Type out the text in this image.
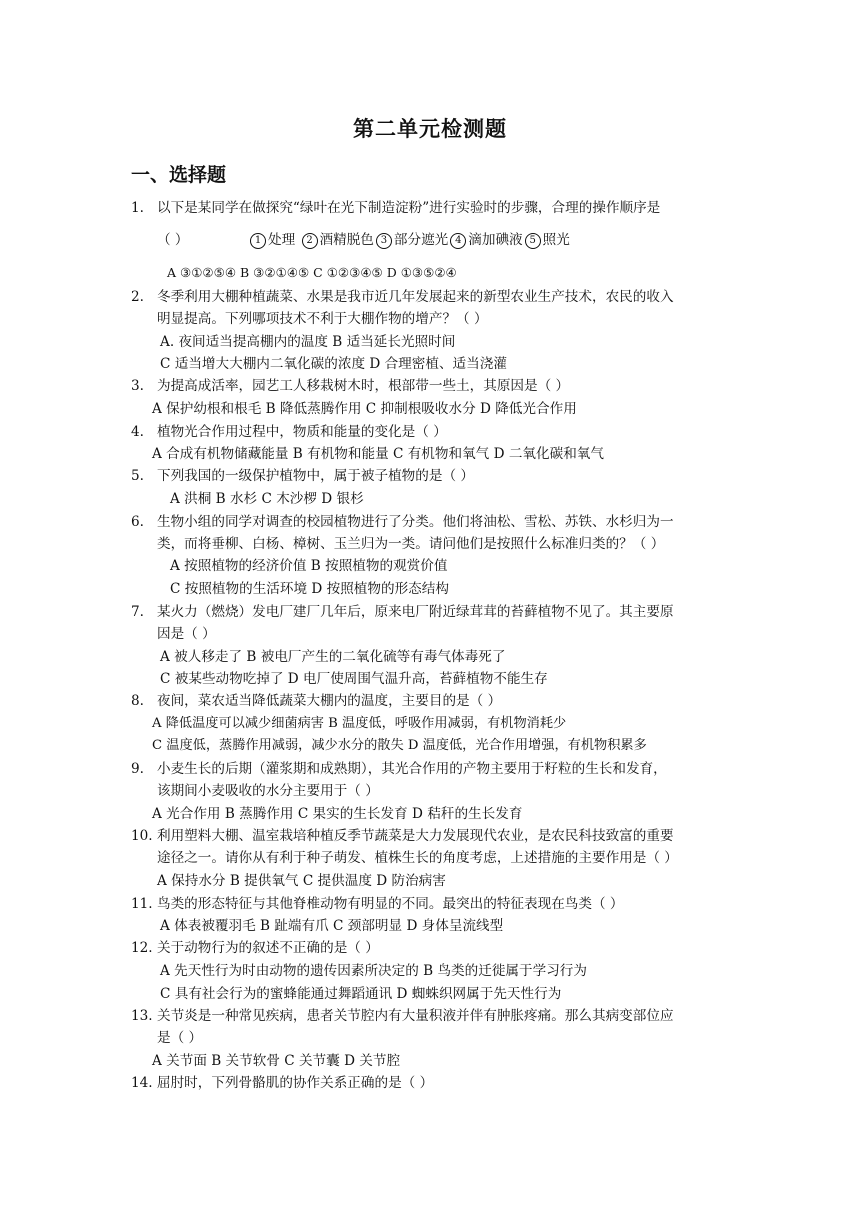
第二单元检测题
一、选择题
1. 以下是某同学在做探究“绿叶在光下制造淀粉”进行实验时的步骤，合理的操作顺序是
（ ）	1 处理 2 酒精脱色 3 部分遮光 4 滴加碘液 5 照光
A ③①②⑤④ B ③②①④⑤ C ①②③④⑤ D ①③⑤②④
2. 冬季利用大棚种植蔬菜、水果是我市近几年发展起来的新型农业生产技术，农民的收入
明显提高。下列哪项技术不利于大棚作物的增产？（ ）
A. 夜间适当提高棚内的温度 B 适当延长光照时间
C 适当增大大棚内二氧化碳的浓度 D 合理密植、适当浇灌
3. 为提高成活率，园艺工人移栽树木时，根部带一些土，其原因是（ ）
A 保护幼根和根毛 B 降低蒸腾作用 C 抑制根吸收水分 D 降低光合作用
4. 植物光合作用过程中，物质和能量的变化是（ ）
A 合成有机物储藏能量 B 有机物和能量 C 有机物和氧气 D 二氧化碳和氧气
5. 下列我国的一级保护植物中，属于被子植物的是（ ）
A 洪桐 B 水杉 C 木沙椤 D 银杉
6. 生物小组的同学对调查的校园植物进行了分类。他们将油松、雪松、苏铁、水杉归为一
类，而将垂柳、白杨、樟树、玉兰归为一类。请问他们是按照什么标准归类的？（ ）
A 按照植物的经济价值 B 按照植物的观赏价值
C 按照植物的生活环境 D 按照植物的形态结构
7. 某火力（燃烧）发电厂建厂几年后，原来电厂附近绿茸茸的苔藓植物不见了。其主要原
因是（ ）
A 被人移走了 B 被电厂产生的二氧化硫等有毒气体毒死了
C 被某些动物吃掉了 D 电厂使周围气温升高，苔藓植物不能生存
8. 夜间，菜农适当降低蔬菜大棚内的温度，主要目的是（ ）
A 降低温度可以减少细菌病害 B 温度低，呼吸作用减弱，有机物消耗少
C 温度低，蒸腾作用减弱，减少水分的散失 D 温度低，光合作用增强，有机物积累多
9. 小麦生长的后期（灌浆期和成熟期），其光合作用的产物主要用于籽粒的生长和发育，
该期间小麦吸收的水分主要用于（ ）
A 光合作用 B 蒸腾作用 C 果实的生长发育 D 秸秆的生长发育
10. 利用塑料大棚、温室栽培种植反季节蔬菜是大力发展现代农业，是农民科技致富的重要
途径之一。请你从有利于种子萌发、植株生长的角度考虑，上述措施的主要作用是（ ）
A 保持水分 B 提供氧气 C 提供温度 D 防治病害
11. 鸟类的形态特征与其他脊椎动物有明显的不同。最突出的特征表现在鸟类（ ）
A 体表被覆羽毛 B 趾端有爪 C 颈部明显 D 身体呈流线型
12. 关于动物行为的叙述不正确的是（ ）
A 先天性行为时由动物的遗传因素所决定的 B 鸟类的迁徙属于学习行为
C 具有社会行为的蜜蜂能通过舞蹈通讯 D 蜘蛛织网属于先天性行为
13. 关节炎是一种常见疾病，患者关节腔内有大量积液并伴有肿胀疼痛。那么其病变部位应
是（ ）
A 关节面 B 关节软骨 C 关节囊 D 关节腔
14. 屈肘时，下列骨骼肌的协作关系正确的是（ ）
